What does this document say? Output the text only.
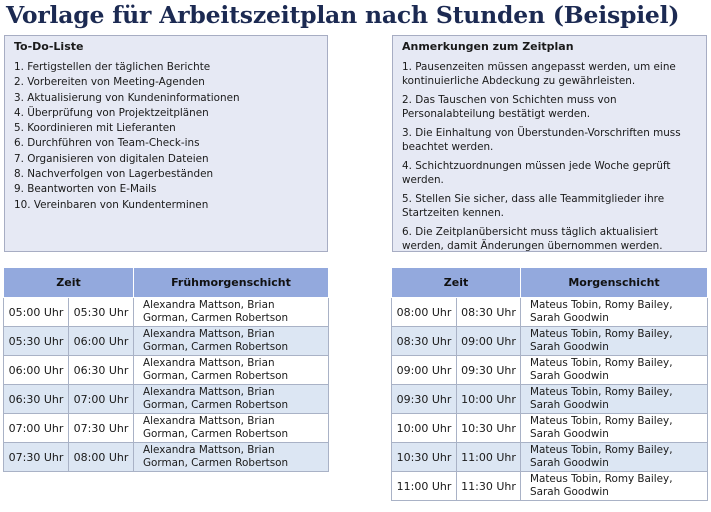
Vorlage für Arbeitszeitplan nach Stunden (Beispiel)
To-Do-Liste
1. Fertigstellen der täglichen Berichte
2. Vorbereiten von Meeting-Agenden
3. Aktualisierung von Kundeninformationen
4. Überprüfung von Projektzeitplänen
5. Koordinieren mit Lieferanten
6. Durchführen von Team-Check-ins
7. Organisieren von digitalen Dateien
8. Nachverfolgen von Lagerbeständen
9. Beantworten von E-Mails
10. Vereinbaren von Kundenterminen
Anmerkungen zum Zeitplan
1. Pausenzeiten müssen angepasst werden, um eine kontinuierliche Abdeckung zu gewährleisten.
2. Das Tauschen von Schichten muss von Personalabteilung bestätigt werden.
3. Die Einhaltung von Überstunden-Vorschriften muss beachtet werden.
4. Schichtzuordnungen müssen jede Woche geprüft werden.
5. Stellen Sie sicher, dass alle Teammitglieder ihre Startzeiten kennen.
6. Die Zeitplanübersicht muss täglich aktualisiert werden, damit Änderungen übernommen werden.
Zeit		Frühmorgenschicht
05:00 Uhr	05:30 Uhr	Alexandra Mattson, Brian Gorman, Carmen Robertson
05:30 Uhr	06:00 Uhr	Alexandra Mattson, Brian Gorman, Carmen Robertson
06:00 Uhr	06:30 Uhr	Alexandra Mattson, Brian Gorman, Carmen Robertson
06:30 Uhr	07:00 Uhr	Alexandra Mattson, Brian Gorman, Carmen Robertson
07:00 Uhr	07:30 Uhr	Alexandra Mattson, Brian Gorman, Carmen Robertson
07:30 Uhr	08:00 Uhr	Alexandra Mattson, Brian Gorman, Carmen Robertson
Zeit		Morgenschicht
08:00 Uhr	08:30 Uhr	Mateus Tobin, Romy Bailey, Sarah Goodwin
08:30 Uhr	09:00 Uhr	Mateus Tobin, Romy Bailey, Sarah Goodwin
09:00 Uhr	09:30 Uhr	Mateus Tobin, Romy Bailey, Sarah Goodwin
09:30 Uhr	10:00 Uhr	Mateus Tobin, Romy Bailey, Sarah Goodwin
10:00 Uhr	10:30 Uhr	Mateus Tobin, Romy Bailey, Sarah Goodwin
10:30 Uhr	11:00 Uhr	Mateus Tobin, Romy Bailey, Sarah Goodwin
11:00 Uhr	11:30 Uhr	Mateus Tobin, Romy Bailey, Sarah Goodwin
